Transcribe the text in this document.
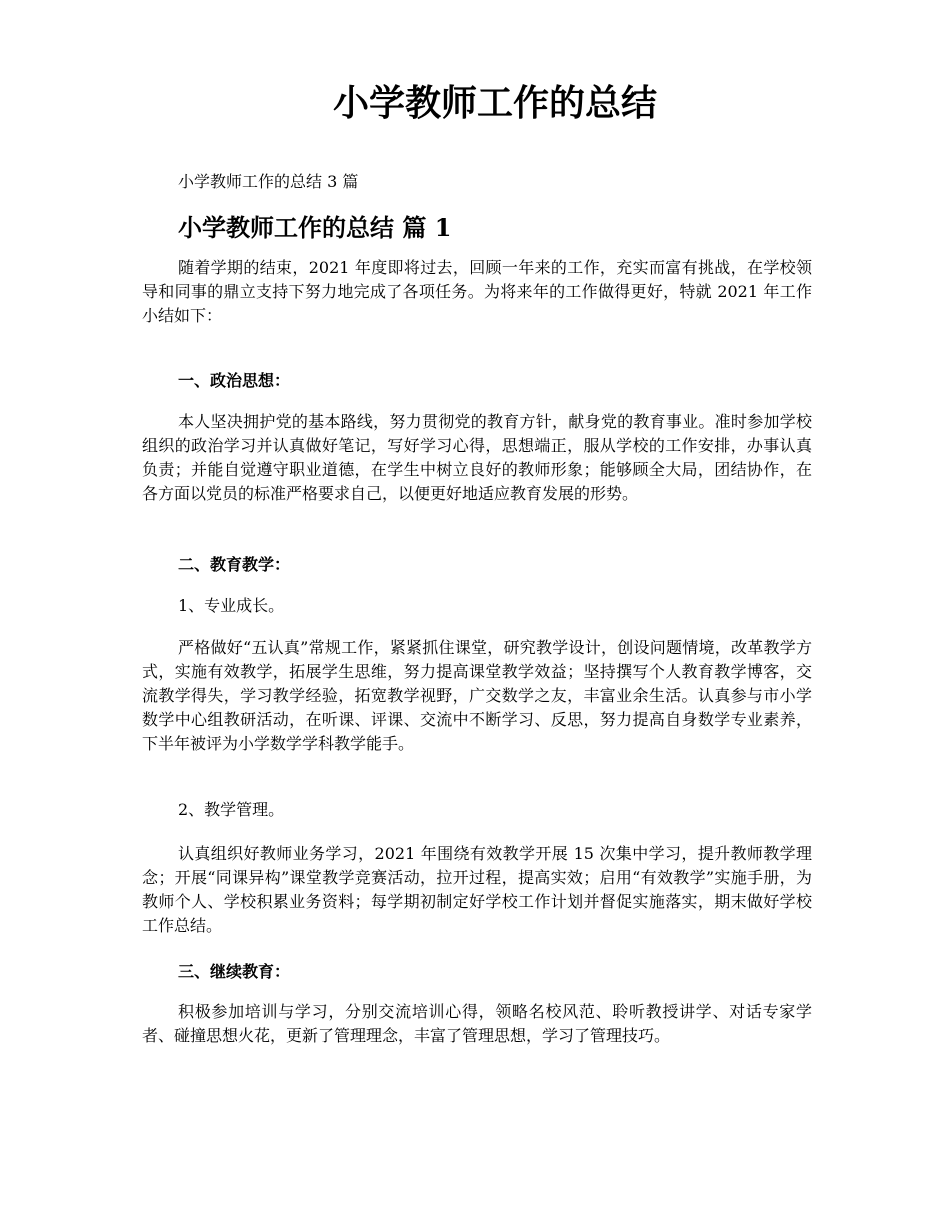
小学教师工作的总结

小学教师工作的总结 3 篇

小学教师工作的总结 篇 1

随着学期的结束，2021 年度即将过去，回顾一年来的工作，充实而富有挑战，在学校领导和同事的鼎立支持下努力地完成了各项任务。为将来年的工作做得更好，特就 2021 年工作小结如下：

一、政治思想：

本人坚决拥护党的基本路线，努力贯彻党的教育方针，献身党的教育事业。准时参加学校组织的政治学习并认真做好笔记，写好学习心得，思想端正，服从学校的工作安排，办事认真负责；并能自觉遵守职业道德，在学生中树立良好的教师形象；能够顾全大局，团结协作，在各方面以党员的标准严格要求自己，以便更好地适应教育发展的形势。

二、教育教学：

1、专业成长。

严格做好“五认真”常规工作，紧紧抓住课堂，研究教学设计，创设问题情境，改革教学方式，实施有效教学，拓展学生思维，努力提高课堂教学效益；坚持撰写个人教育教学博客，交流教学得失，学习教学经验，拓宽教学视野，广交数学之友，丰富业余生活。认真参与市小学数学中心组教研活动，在听课、评课、交流中不断学习、反思，努力提高自身数学专业素养，下半年被评为小学数学学科教学能手。

2、教学管理。

认真组织好教师业务学习，2021 年围绕有效教学开展 15 次集中学习，提升教师教学理念；开展“同课异构”课堂教学竞赛活动，拉开过程，提高实效；启用“有效教学”实施手册，为教师个人、学校积累业务资料；每学期初制定好学校工作计划并督促实施落实，期末做好学校工作总结。

三、继续教育：

积极参加培训与学习，分别交流培训心得，领略名校风范、聆听教授讲学、对话专家学者、碰撞思想火花，更新了管理理念，丰富了管理思想，学习了管理技巧。
